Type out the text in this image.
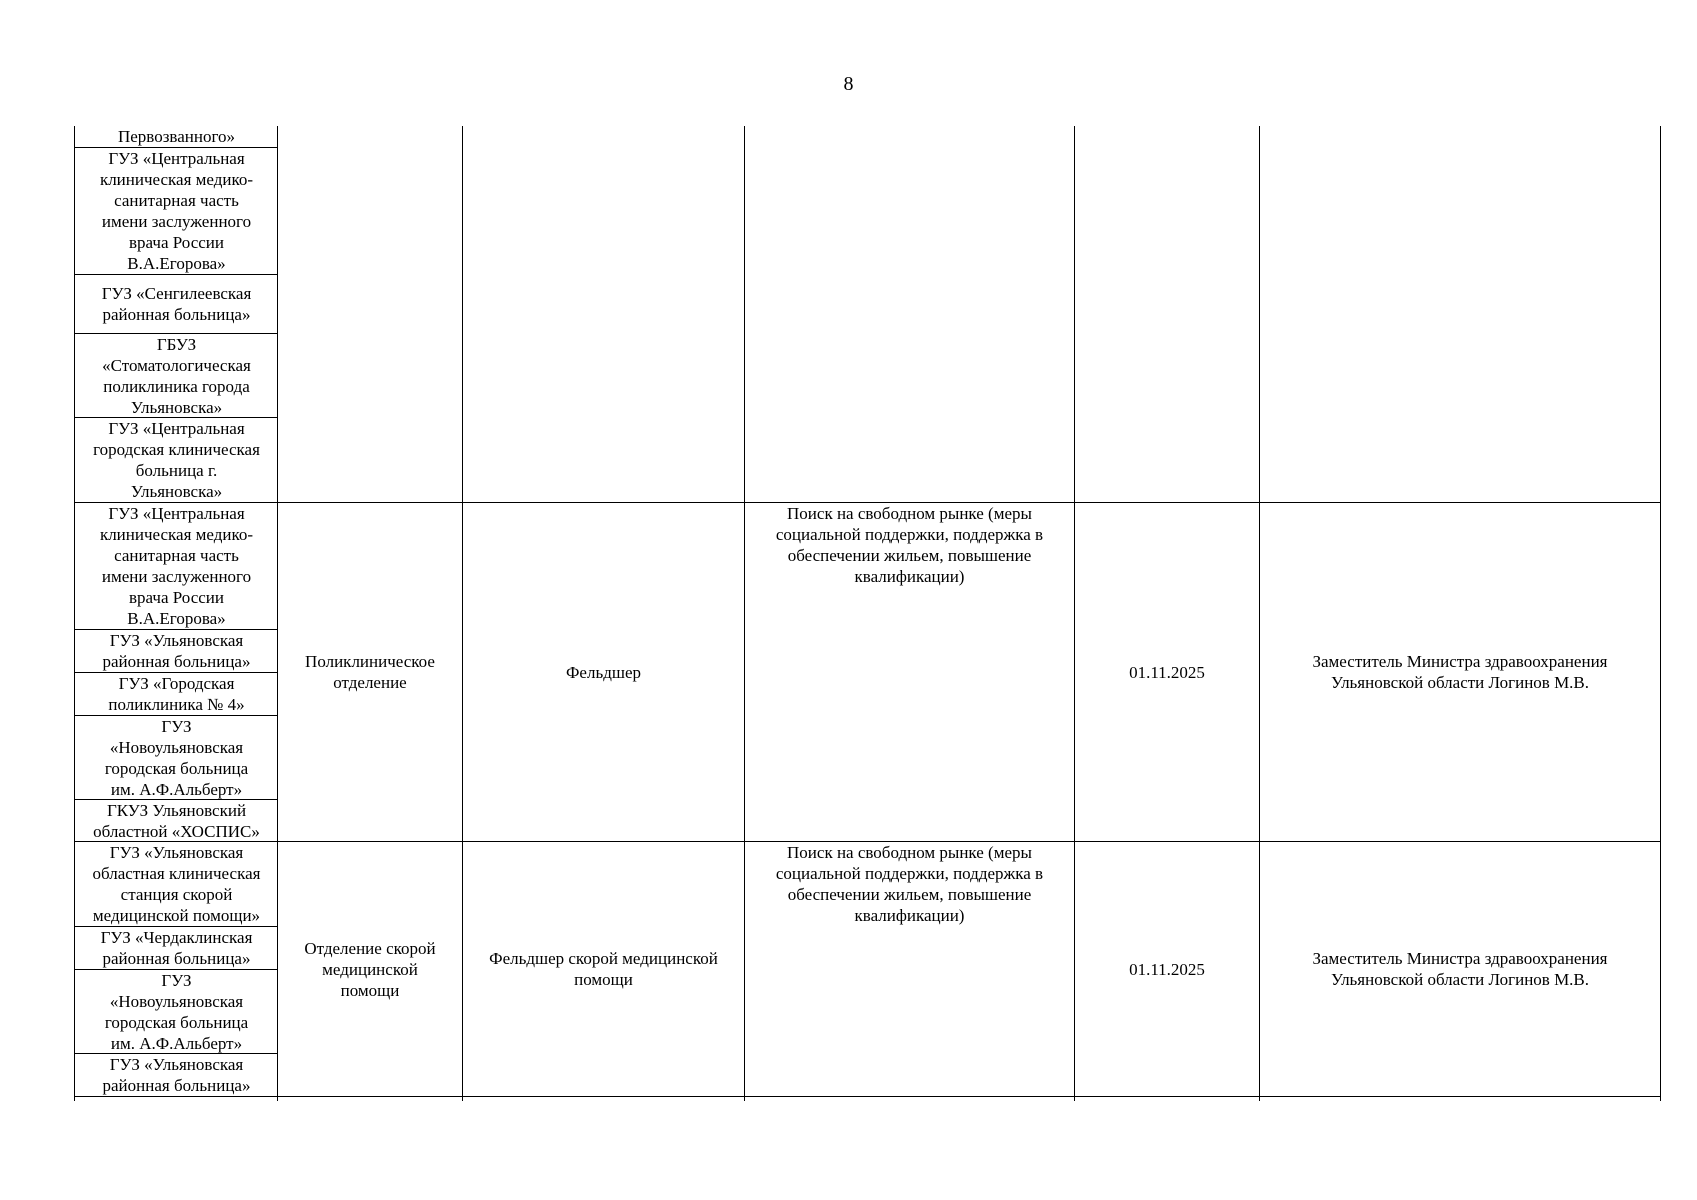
8
Первозванного»
ГУЗ «Центральная
клиническая медико-
санитарная часть
имени заслуженного
врача России
В.А.Егорова»
ГУЗ «Сенгилеевская
районная больница»
ГБУЗ
«Стоматологическая
поликлиника города
Ульяновска»
ГУЗ «Центральная
городская клиническая
больница г.
Ульяновска»
ГУЗ «Центральная
клиническая медико-
санитарная часть
имени заслуженного
врача России
В.А.Егорова»
ГУЗ «Ульяновская
районная больница»
ГУЗ «Городская
поликлиника № 4»
ГУЗ
«Новоульяновская
городская больница
им. А.Ф.Альберт»
ГКУЗ Ульяновский
областной «ХОСПИС»
Поликлиническое
отделение
Фельдшер
Поиск на свободном рынке (меры
социальной поддержки, поддержка в
обеспечении жильем, повышение
квалификации)
01.11.2025
Заместитель Министра здравоохранения
Ульяновской области Логинов М.В.
ГУЗ «Ульяновская
областная клиническая
станция скорой
медицинской помощи»
ГУЗ «Чердаклинская
районная больница»
ГУЗ
«Новоульяновская
городская больница
им. А.Ф.Альберт»
ГУЗ «Ульяновская
районная больница»
Отделение скорой
медицинской
помощи
Фельдшер скорой медицинской
помощи
Поиск на свободном рынке (меры
социальной поддержки, поддержка в
обеспечении жильем, повышение
квалификации)
01.11.2025
Заместитель Министра здравоохранения
Ульяновской области Логинов М.В.
